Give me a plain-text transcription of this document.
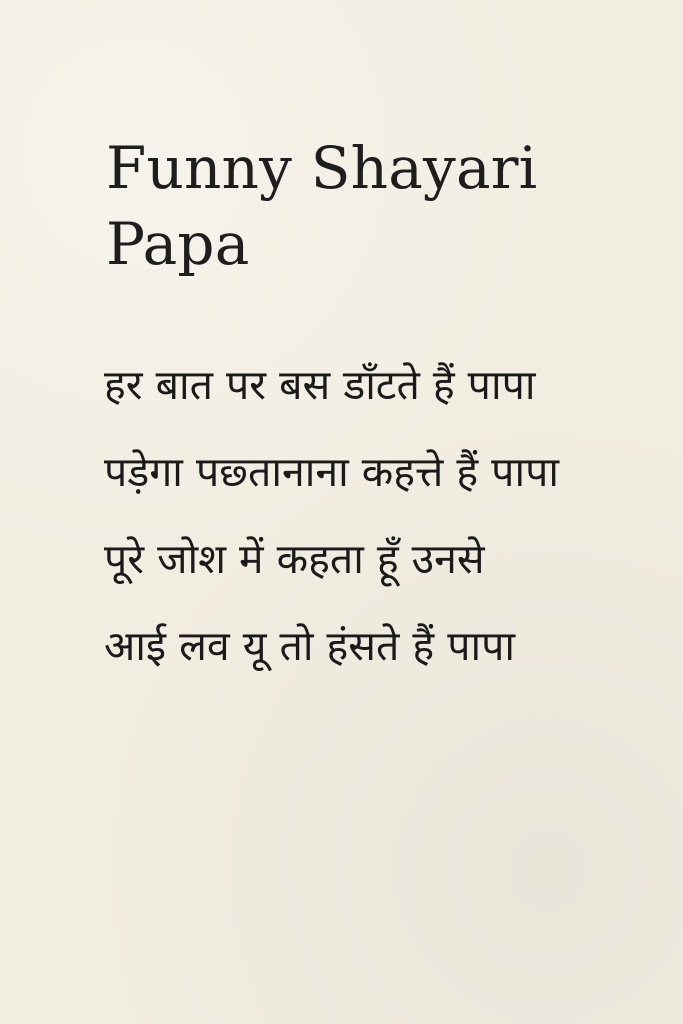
Funny Shayari
Papa
हर बात पर बस डाँटते हैं पापा
पड़ेगा पछ्तानाना कहत्ते हैं पापा
पूरे जोश में कहता हूँ उनसे
आई लव यू तो हंसते हैं पापा
